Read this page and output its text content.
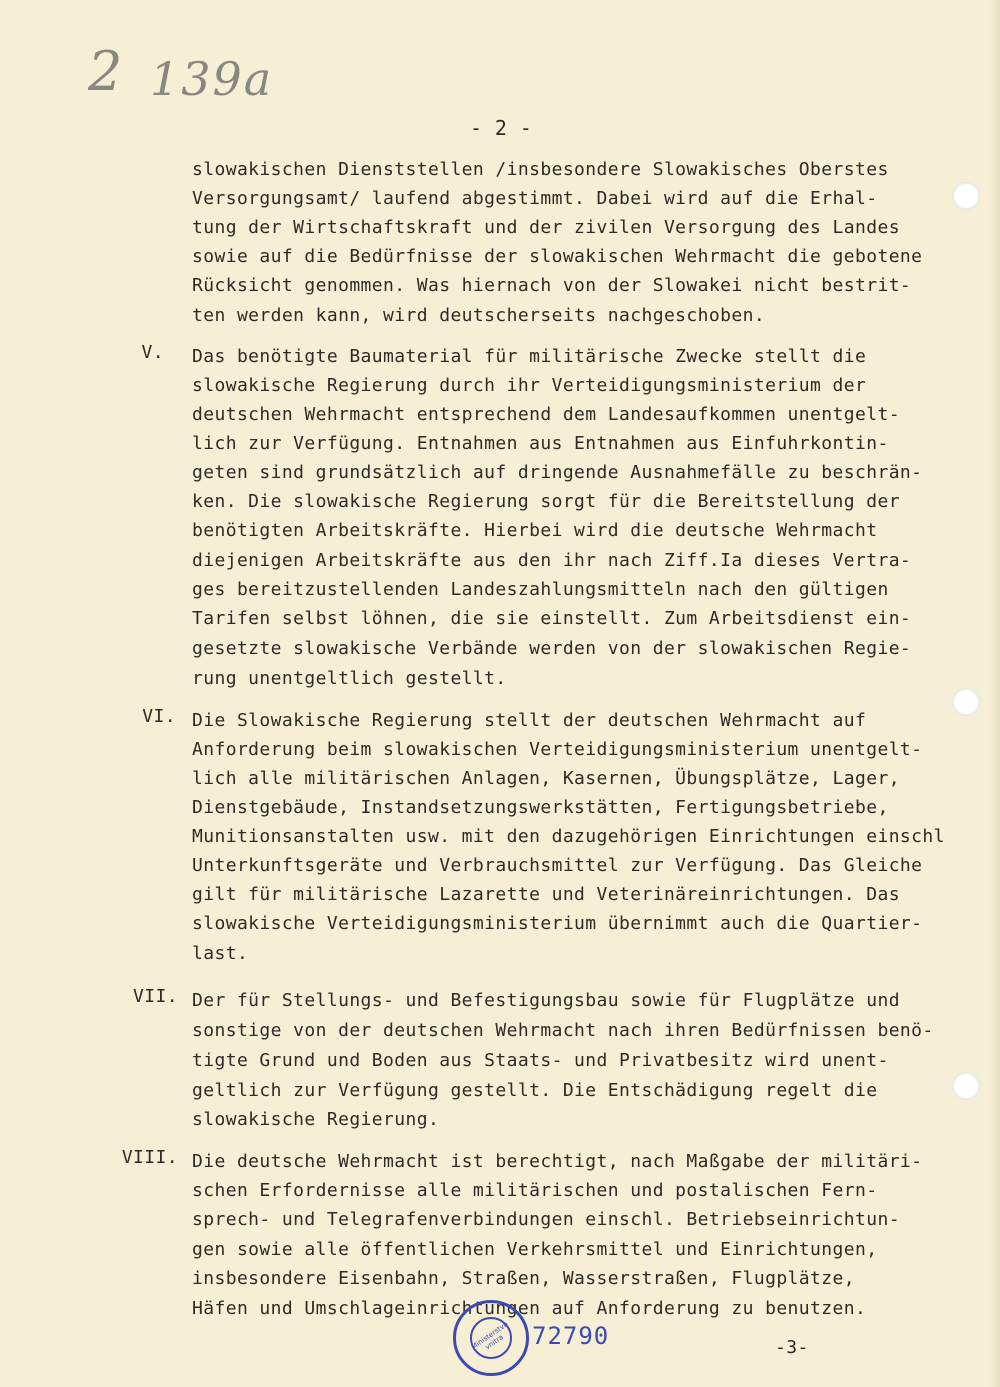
2 139a
- 2 -
slowakischen Dienststellen /insbesondere Slowakisches Oberstes
Versorgungsamt/ laufend abgestimmt. Dabei wird auf die Erhal-
tung der Wirtschaftskraft und der zivilen Versorgung des Landes
sowie auf die Bedürfnisse der slowakischen Wehrmacht die gebotene
Rücksicht genommen. Was hiernach von der Slowakei nicht bestrit-
ten werden kann, wird deutscherseits nachgeschoben.
V. Das benötigte Baumaterial für militärische Zwecke stellt die
slowakische Regierung durch ihr Verteidigungsministerium der
deutschen Wehrmacht entsprechend dem Landesaufkommen unentgelt-
lich zur Verfügung. Entnahmen aus Entnahmen aus Einfuhrkontin-
geten sind grundsätzlich auf dringende Ausnahmefälle zu beschrän-
ken. Die slowakische Regierung sorgt für die Bereitstellung der
benötigten Arbeitskräfte. Hierbei wird die deutsche Wehrmacht
diejenigen Arbeitskräfte aus den ihr nach Ziff.Ia dieses Vertra-
ges bereitzustellenden Landeszahlungsmitteln nach den gültigen
Tarifen selbst löhnen, die sie einstellt. Zum Arbeitsdienst ein-
gesetzte slowakische Verbände werden von der slowakischen Regie-
rung unentgeltlich gestellt.
VI. Die Slowakische Regierung stellt der deutschen Wehrmacht auf
Anforderung beim slowakischen Verteidigungsministerium unentgelt-
lich alle militärischen Anlagen, Kasernen, Übungsplätze, Lager,
Dienstgebäude, Instandsetzungswerkstätten, Fertigungsbetriebe,
Munitionsanstalten usw. mit den dazugehörigen Einrichtungen einschl
Unterkunftsgeräte und Verbrauchsmittel zur Verfügung. Das Gleiche
gilt für militärische Lazarette und Veterinäreinrichtungen. Das
slowakische Verteidigungsministerium übernimmt auch die Quartier-
last.
VII. Der für Stellungs- und Befestigungsbau sowie für Flugplätze und
sonstige von der deutschen Wehrmacht nach ihren Bedürfnissen benö-
tigte Grund und Boden aus Staats- und Privatbesitz wird unent-
geltlich zur Verfügung gestellt. Die Entschädigung regelt die
slowakische Regierung.
VIII. Die deutsche Wehrmacht ist berechtigt, nach Maßgabe der militäri-
schen Erfordernisse alle militärischen und postalischen Fern-
sprech- und Telegrafenverbindungen einschl. Betriebseinrichtun-
gen sowie alle öffentlichen Verkehrsmittel und Einrichtungen,
insbesondere Eisenbahn, Straßen, Wasserstraßen, Flugplätze,
Häfen und Umschlageinrichtungen auf Anforderung zu benutzen.
Ministerstvo vnitra	72790	-3-
